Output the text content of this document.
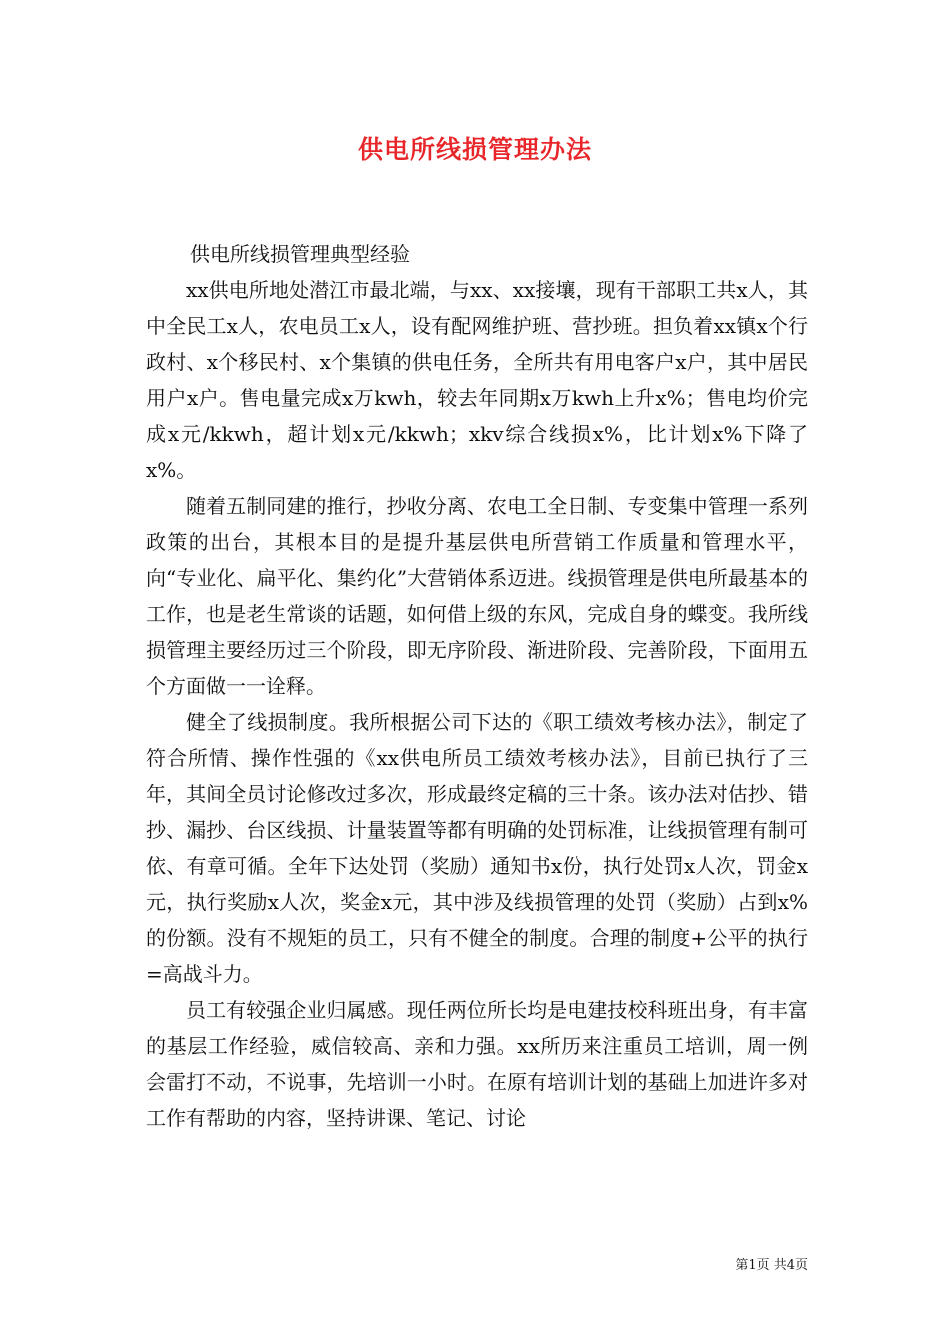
供电所线损管理办法

供电所线损管理典型经验

xx供电所地处潜江市最北端，与xx、xx接壤，现有干部职工共x人，其中全民工x人，农电员工x人，设有配网维护班、营抄班。担负着xx镇x个行政村、x个移民村、x个集镇的供电任务，全所共有用电客户x户，其中居民用户x户。售电量完成x万kwh，较去年同期x万kwh上升x%；售电均价完成x元/kkwh，超计划x元/kkwh；xkv综合线损x%，比计划x%下降了x%。

随着五制同建的推行，抄收分离、农电工全日制、专变集中管理一系列政策的出台，其根本目的是提升基层供电所营销工作质量和管理水平，向“专业化、扁平化、集约化”大营销体系迈进。线损管理是供电所最基本的工作，也是老生常谈的话题，如何借上级的东风，完成自身的蝶变。我所线损管理主要经历过三个阶段，即无序阶段、渐进阶段、完善阶段，下面用五个方面做一一诠释。

健全了线损制度。我所根据公司下达的《职工绩效考核办法》，制定了符合所情、操作性强的《xx供电所员工绩效考核办法》，目前已执行了三年，其间全员讨论修改过多次，形成最终定稿的三十条。该办法对估抄、错抄、漏抄、台区线损、计量装置等都有明确的处罚标准，让线损管理有制可依、有章可循。全年下达处罚（奖励）通知书x份，执行处罚x人次，罚金x元，执行奖励x人次，奖金x元，其中涉及线损管理的处罚（奖励）占到x%的份额。没有不规矩的员工，只有不健全的制度。合理的制度+公平的执行=高战斗力。

员工有较强企业归属感。现任两位所长均是电建技校科班出身，有丰富的基层工作经验，威信较高、亲和力强。xx所历来注重员工培训，周一例会雷打不动，不说事，先培训一小时。在原有培训计划的基础上加进许多对工作有帮助的内容，坚持讲课、笔记、讨论

第1页 共4页
